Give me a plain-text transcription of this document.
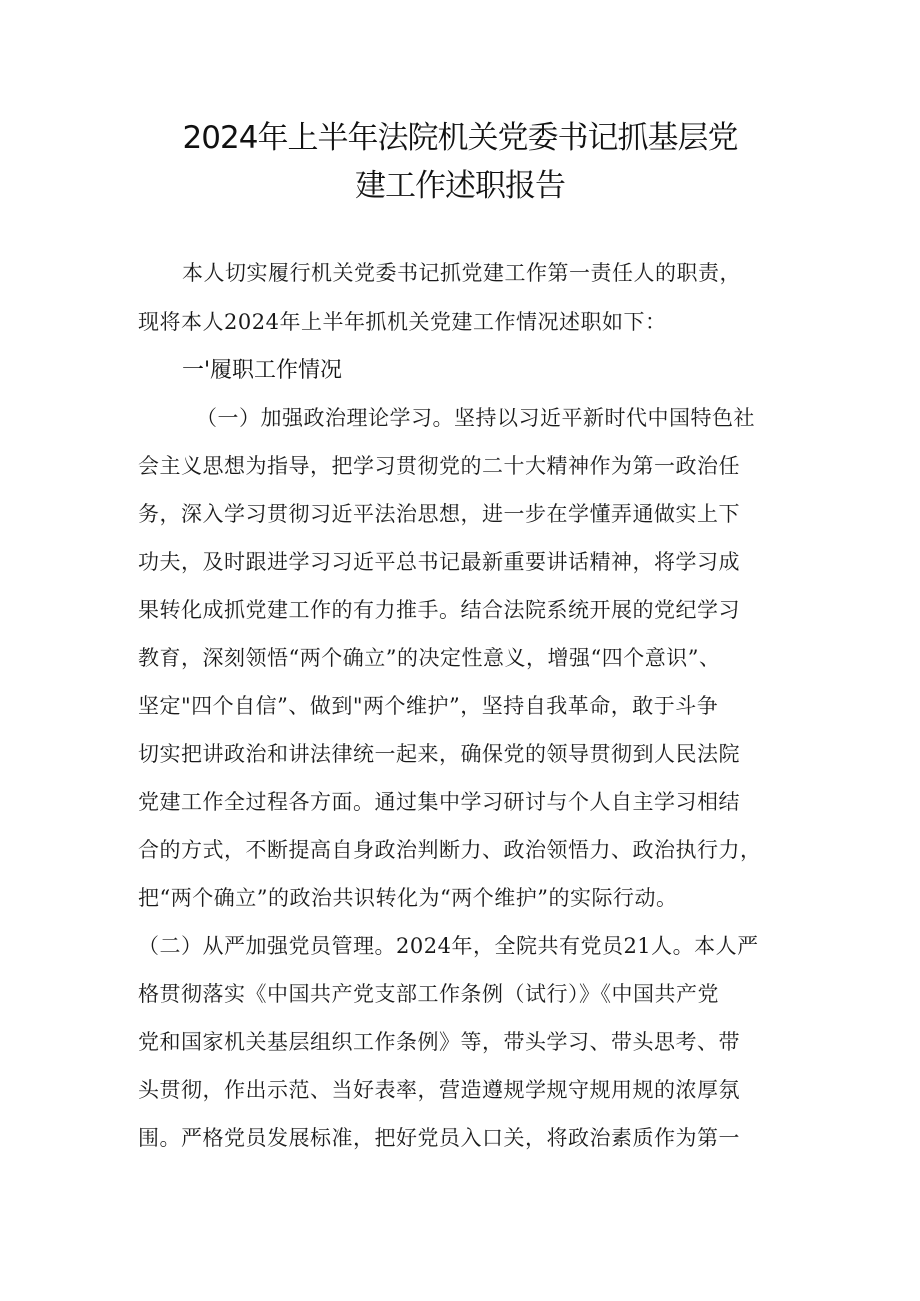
2024年上半年法院机关党委书记抓基层党
建工作述职报告
本人切实履行机关党委书记抓党建工作第一责任人的职责，
现将本人2024年上半年抓机关党建工作情况述职如下：
一'履职工作情况
（一）加强政治理论学习。坚持以习近平新时代中国特色社
会主义思想为指导，把学习贯彻党的二十大精神作为第一政治任
务，深入学习贯彻习近平法治思想，进一步在学懂弄通做实上下
功夫，及时跟进学习习近平总书记最新重要讲话精神，将学习成
果转化成抓党建工作的有力推手。结合法院系统开展的党纪学习
教育，深刻领悟“两个确立”的决定性意义，增强“四个意识”、
坚定"四个自信”、做到"两个维护”，坚持自我革命，敢于斗争
切实把讲政治和讲法律统一起来，确保党的领导贯彻到人民法院
党建工作全过程各方面。通过集中学习研讨与个人自主学习相结
合的方式，不断提高自身政治判断力、政治领悟力、政治执行力，
把“两个确立”的政治共识转化为“两个维护”的实际行动。
（二）从严加强党员管理。2024年，全院共有党员21人。本人严
格贯彻落实《中国共产党支部工作条例（试行）》《中国共产党
党和国家机关基层组织工作条例》等，带头学习、带头思考、带
头贯彻，作出示范、当好表率，营造遵规学规守规用规的浓厚氛
围。严格党员发展标准，把好党员入口关，将政治素质作为第一
